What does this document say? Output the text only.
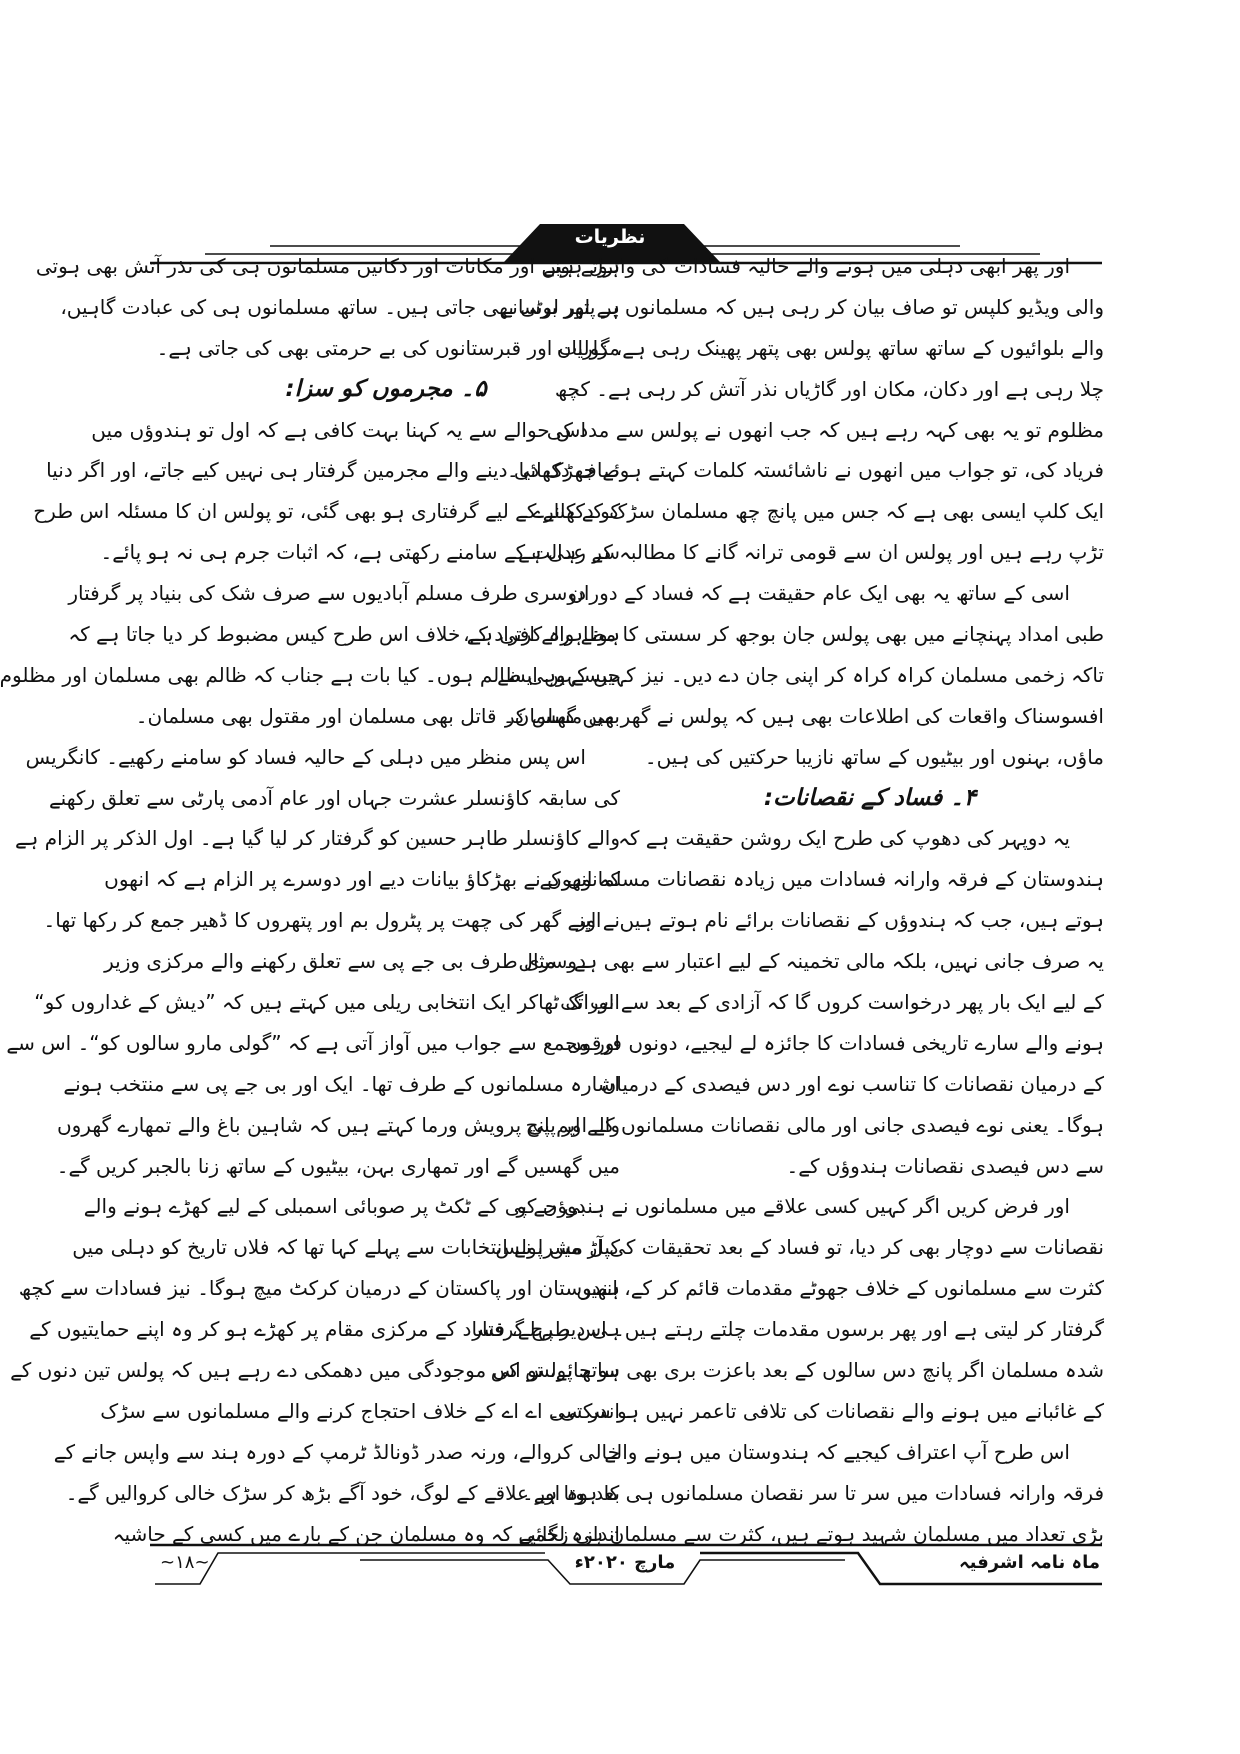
نظریات
اور پھر ابھی دہلی میں ہونے والے حالیہ فسادات کی وائرل ہونے
والی ویڈیو کلپس تو صاف بیان کر رہی ہیں کہ مسلمانوں پر پتھر برسانے
والے بلوائیوں کے ساتھ ساتھ پولس بھی پتھر پھینک رہی ہے، گولیاں
چلا رہی ہے اور دکان، مکان اور گاڑیاں نذر آتش کر رہی ہے۔ کچھ
مظلوم تو یہ بھی کہہ رہے ہیں کہ جب انھوں نے پولس سے مدد کی
فریاد کی، تو جواب میں انھوں نے ناشائستہ کلمات کہتے ہوئے جھڑک دیا۔
ایک کلپ ایسی بھی ہے کہ جس میں پانچ چھ مسلمان سڑک کے کنارے
تڑپ رہے ہیں اور پولس ان سے قومی ترانہ گانے کا مطالبہ کر رہی ہے۔
اسی کے ساتھ یہ بھی ایک عام حقیقت ہے کہ فساد کے دوران
طبی امداد پہنچانے میں بھی پولس جان بوجھ کر سستی کا مظاہرہ کرتی ہے،
تاکہ زخمی مسلمان کراہ کراہ کر اپنی جان دے دیں۔ نیز کہیں کہیں ایسے
افسوسناک واقعات کی اطلاعات بھی ہیں کہ پولس نے گھر میں گھس کر
ماؤں، بہنوں اور بیٹیوں کے ساتھ نازیبا حرکتیں کی ہیں۔
۴۔ فساد کے نقصانات:
یہ دوپہر کی دھوپ کی طرح ایک روشن حقیقت ہے کہ
ہندوستان کے فرقہ وارانہ فسادات میں زیادہ نقصانات مسلمانوں کے
ہوتے ہیں، جب کہ ہندوؤں کے نقصانات برائے نام ہوتے ہیں۔ اور
یہ صرف جانی نہیں، بلکہ مالی تخمینہ کے لیے اعتبار سے بھی ہے۔ مثال
کے لیے ایک بار پھر درخواست کروں گا کہ آزادی کے بعد سے اب تک
ہونے والے سارے تاریخی فسادات کا جائزہ لے لیجیے، دونوں فرقوں
کے درمیان نقصانات کا تناسب نوے اور دس فیصدی کے درمیان
ہوگا۔ یعنی نوے فیصدی جانی اور مالی نقصانات مسلمانوں کے اور پانچ
سے دس فیصدی نقصانات ہندوؤں کے۔
اور فرض کریں اگر کہیں کسی علاقے میں مسلمانوں نے ہندوؤں کو
نقصانات سے دوچار بھی کر دیا، تو فساد کے بعد تحقیقات کی آڑ میں پولس
کثرت سے مسلمانوں کے خلاف جھوٹے مقدمات قائم کر کے، انھیں
گرفتار کر لیتی ہے اور پھر برسوں مقدمات چلتے رہتے ہیں۔ اس طرح گرفتار
شدہ مسلمان اگر پانچ دس سالوں کے بعد باعزت بری بھی ہو جائے، تو اس
کے غائبانے میں ہونے والے نقصانات کی تلافی تاعمر نہیں ہو سکتی۔
اس طرح آپ اعتراف کیجیے کہ ہندوستان میں ہونے والے
فرقہ وارانہ فسادات میں سر تا سر نقصان مسلمانوں ہی کا ہوتا ہے۔
بڑی تعداد میں مسلمان شہید ہوتے ہیں، کثرت سے مسلمان ہی زخمی
ہوتے ہیں اور مکانات اور دکانیں مسلمانوں ہی کی نذر آتش بھی ہوتی
ہے اور لوٹی بھی جاتی ہیں۔ ساتھ مسلمانوں ہی کی عبادت گاہیں،
مزارات اور قبرستانوں کی بے حرمتی بھی کی جاتی ہے۔
۵۔ مجرموں کو سزا:
اس حوالے سے یہ کہنا بہت کافی ہے کہ اول تو ہندوؤں میں
صاف دکھائی دینے والے مجرمین گرفتار ہی نہیں کیے جاتے، اور اگر دنیا
کو دکھانے کے لیے گرفتاری ہو بھی گئی، تو پولس ان کا مسئلہ اس طرح
سے عدالت کے سامنے رکھتی ہے، کہ اثبات جرم ہی نہ ہو پائے۔
دوسری طرف مسلم آبادیوں سے صرف شک کی بنیاد پر گرفتار
ہونے والے افراد کے خلاف اس طرح کیس مضبوط کر دیا جاتا ہے کہ
جیسے وہی ظالم ہوں۔ کیا بات ہے جناب کہ ظالم بھی مسلمان اور مظلوم
بھی مسلمان۔ قاتل بھی مسلمان اور مقتول بھی مسلمان۔
اس پس منظر میں دہلی کے حالیہ فساد کو سامنے رکھیے۔ کانگریس
کی سابقہ کاؤنسلر عشرت جہاں اور عام آدمی پارٹی سے تعلق رکھنے
والے کاؤنسلر طاہر حسین کو گرفتار کر لیا گیا ہے۔ اول الذکر پر الزام ہے
کہ انھوں نے بھڑکاؤ بیانات دیے اور دوسرے پر الزام ہے کہ انھوں
نے اپنے گھر کی چھت پر پٹرول بم اور پتھروں کا ڈھیر جمع کر رکھا تھا۔
دوسری طرف بی جے پی سے تعلق رکھنے والے مرکزی وزیر
انوراگ ٹھاکر ایک انتخابی ریلی میں کہتے ہیں کہ ”دیش کے غداروں کو“
اور مجمع سے جواب میں آواز آتی ہے کہ ”گولی مارو سالوں کو“۔ اس سے
اشارہ مسلمانوں کے طرف تھا۔ ایک اور بی جے پی سے منتخب ہونے
والے ایم پی پرویش ورما کہتے ہیں کہ شاہین باغ والے تمھارے گھروں
میں گھسیں گے اور تمھاری بہن، بیٹیوں کے ساتھ زنا بالجبر کریں گے۔
بی جے پی کے ٹکٹ پر صوبائی اسمبلی کے لیے کھڑے ہونے والے
کپل مشرا نے انتخابات سے پہلے کہا تھا کہ فلاں تاریخ کو دہلی میں
ہندوستان اور پاکستان کے درمیان کرکٹ میچ ہوگا۔ نیز فسادات سے کچھ
ہی دیر پہلے، فساد کے مرکزی مقام پر کھڑے ہو کر وہ اپنے حمایتیوں کے
ساتھ پولس کی موجودگی میں دھمکی دے رہے ہیں کہ پولس تین دنوں کے
اندر سی اے اے کے خلاف احتجاج کرنے والے مسلمانوں سے سڑک
خالی کروالے، ورنہ صدر ڈونالڈ ٹرمپ کے دورہ ہند سے واپس جانے کے
بعد وہ اور علاقے کے لوگ، خود آگے بڑھ کر سڑک خالی کروالیں گے۔
اندازہ لگائیے کہ وہ مسلمان جن کے بارے میں کسی کے حاشیہ
ماہ نامہ اشرفیہ
مارچ ۲۰۲۰ء
~۱۸~
